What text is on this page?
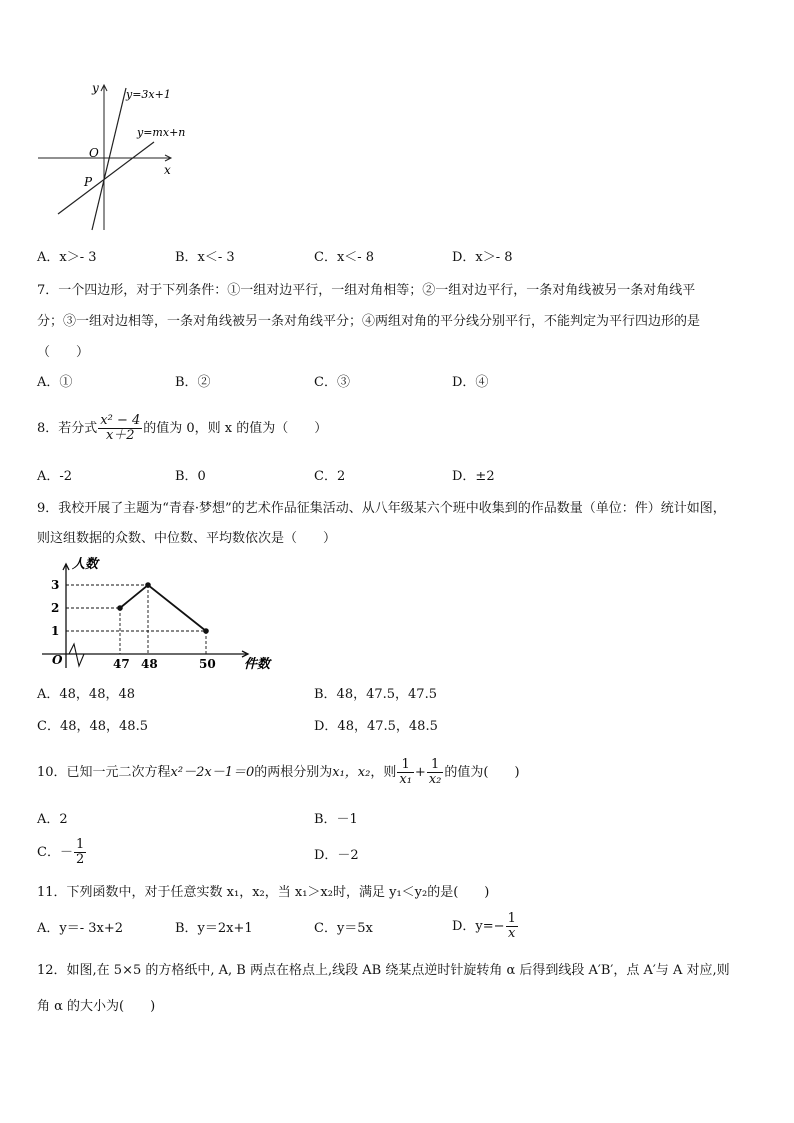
y
x
O
P
y=3x+1
y=mx+n
A．x＞- 3	B．x＜- 3	C．x＜- 8	D．x＞- 8
7．一个四边形，对于下列条件：①一组对边平行，一组对角相等；②一组对边平行，一条对角线被另一条对角线平
分；③一组对边相等，一条对角线被另一条对角线平分；④两组对角的平分线分别平行，不能判定为平行四边形的是
（　　）
A．①	B．②	C．③	D．④
8．若分式 $\frac{\text{x² − 4}}{x+2}$ 的值为 0，则 x 的值为（　　）
A．-2	B．0	C．2	D．±2
9．我校开展了主题为“青春·梦想”的艺术作品征集活动、从八年级某六个班中收集到的作品数量（单位：件）统计如图，
则这组数据的众数、中位数、平均数依次是（　　）
人数
件数
O
1
2
3
47 48	50
A．48，48，48	B．48，47.5，47.5
C．48，48，48.5	D．48，47.5，48.5
10．已知一元二次方程x²－2x－1＝0的两根分别为x₁，x₂，则 $\frac{1}{\text{x₁}} + \frac{1}{\text{x₂}}$ 的值为(　　)
A．2	B．－1
C．－ $\frac{1}{2}$	D．－2
11．下列函数中，对于任意实数 x₁，x₂，当 x₁＞x₂时，满足 y₁＜y₂的是(　　)
A．y＝- 3x+2	B．y＝2x+1	C．y＝5x	D．$y=- \frac{1}{x}$
12．如图,在 5×5 的方格纸中, A, B 两点在格点上,线段 AB 绕某点逆时针旋转角 α 后得到线段 A′B′，点 A′与 A 对应,则
角 α 的大小为(　　)
